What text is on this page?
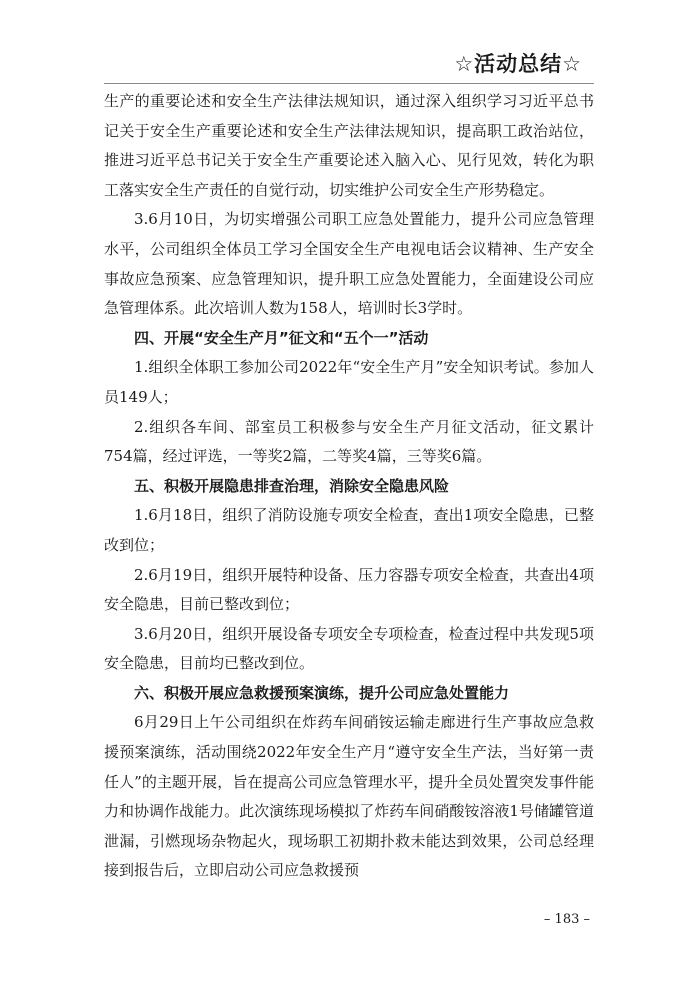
☆活动总结☆

生产的重要论述和安全生产法律法规知识，通过深入组织学习习近平总书记关于安全生产重要论述和安全生产法律法规知识，提高职工政治站位，推进习近平总书记关于安全生产重要论述入脑入心、见行见效，转化为职工落实安全生产责任的自觉行动，切实维护公司安全生产形势稳定。

3.6月10日，为切实增强公司职工应急处置能力，提升公司应急管理水平，公司组织全体员工学习全国安全生产电视电话会议精神、生产安全事故应急预案、应急管理知识，提升职工应急处置能力，全面建设公司应急管理体系。此次培训人数为158人，培训时长3学时。

四、开展“安全生产月”征文和“五个一”活动

1.组织全体职工参加公司2022年“安全生产月”安全知识考试。参加人员149人；

2.组织各车间、部室员工积极参与安全生产月征文活动，征文累计754篇，经过评选，一等奖2篇，二等奖4篇，三等奖6篇。

五、积极开展隐患排查治理，消除安全隐患风险

1.6月18日，组织了消防设施专项安全检查，查出1项安全隐患，已整改到位；

2.6月19日，组织开展特种设备、压力容器专项安全检查，共查出4项安全隐患，目前已整改到位；

3.6月20日，组织开展设备专项安全专项检查，检查过程中共发现5项安全隐患，目前均已整改到位。

六、积极开展应急救援预案演练，提升公司应急处置能力

6月29日上午公司组织在炸药车间硝铵运输走廊进行生产事故应急救援预案演练，活动围绕2022年安全生产月“遵守安全生产法，当好第一责任人”的主题开展，旨在提高公司应急管理水平，提升全员处置突发事件能力和协调作战能力。此次演练现场模拟了炸药车间硝酸铵溶液1号储罐管道泄漏，引燃现场杂物起火，现场职工初期扑救未能达到效果，公司总经理接到报告后，立即启动公司应急救援预

– 183 –
